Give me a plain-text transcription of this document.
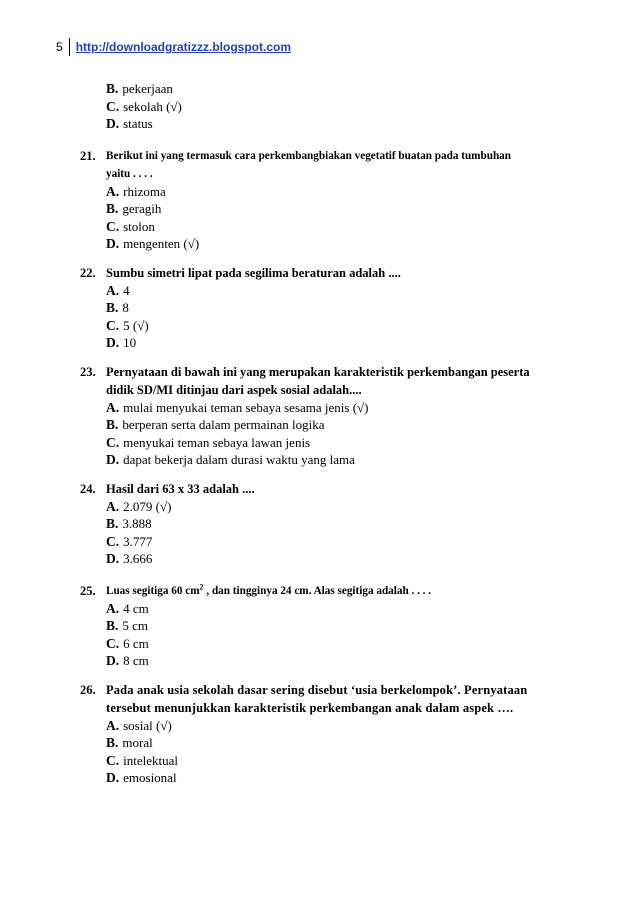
5	http://downloadgratizzz.blogspot.com
B. pekerjaan
C. sekolah (√)
D. status
21. Berikut ini yang termasuk cara perkembangbiakan vegetatif buatan pada tumbuhan
yaitu . . . .
A. rhizoma
B. geragih
C. stolon
D. mengenten (√)
22. Sumbu simetri lipat pada segilima beraturan adalah ....
A. 4
B. 8
C. 5 (√)
D. 10
23. Pernyataan di bawah ini yang merupakan karakteristik perkembangan peserta
didik SD/MI ditinjau dari aspek sosial adalah....
A. mulai menyukai teman sebaya sesama jenis (√)
B. berperan serta dalam permainan logika
C. menyukai teman sebaya lawan jenis
D. dapat bekerja dalam durasi waktu yang lama
24. Hasil dari 63 x 33 adalah ....
A. 2.079 (√)
B. 3.888
C. 3.777
D. 3.666
25. Luas segitiga 60 $cm^2$ , dan tingginya 24 cm. Alas segitiga adalah . . . .
A. 4 cm
B. 5 cm
C. 6 cm
D. 8 cm
26. Pada anak usia sekolah dasar sering disebut ‘usia berkelompok’. Pernyataan
tersebut menunjukkan karakteristik perkembangan anak dalam aspek ….
A. sosial (√)
B. moral
C. intelektual
D. emosional
